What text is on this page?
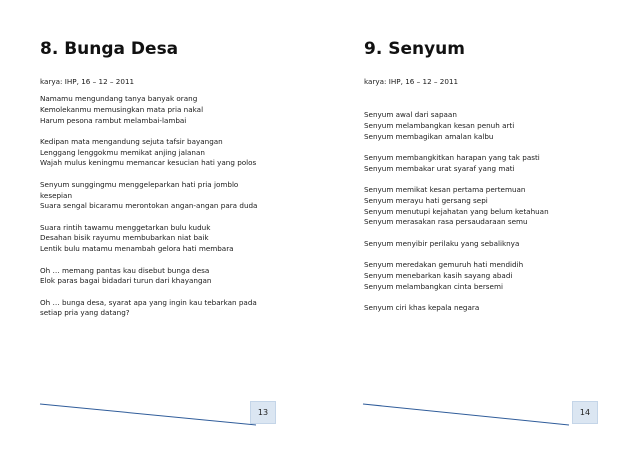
8. Bunga Desa
karya: IHP, 16 – 12 – 2011
Namamu mengundang tanya banyak orang
Kemolekanmu memusingkan mata pria nakal
Harum pesona rambut melambai-lambai
Kedipan mata mengandung sejuta tafsir bayangan
Lenggang lenggokmu memikat anjing jalanan
Wajah mulus keningmu memancar kesucian hati yang polos
Senyum sunggingmu menggeleparkan hati pria jomblo
kesepian
Suara sengal bicaramu merontokan angan-angan para duda
Suara rintih tawamu menggetarkan bulu kuduk
Desahan bisik rayumu membubarkan niat baik
Lentik bulu matamu menambah gelora hati membara
Oh … memang pantas kau disebut bunga desa
Elok paras bagai bidadari turun dari khayangan
Oh … bunga desa, syarat apa yang ingin kau tebarkan pada
setiap pria yang datang?
13
9. Senyum
karya: IHP, 16 – 12 – 2011
Senyum awal dari sapaan
Senyum melambangkan kesan penuh arti
Senyum membagikan amalan kalbu
Senyum membangkitkan harapan yang tak pasti
Senyum membakar urat syaraf yang mati
Senyum memikat kesan pertama pertemuan
Senyum merayu hati gersang sepi
Senyum menutupi kejahatan yang belum ketahuan
Senyum merasakan rasa persaudaraan semu
Senyum menyibir perilaku yang sebaliknya
Senyum meredakan gemuruh hati mendidih
Senyum menebarkan kasih sayang abadi
Senyum melambangkan cinta bersemi
Senyum ciri khas kepala negara
14
